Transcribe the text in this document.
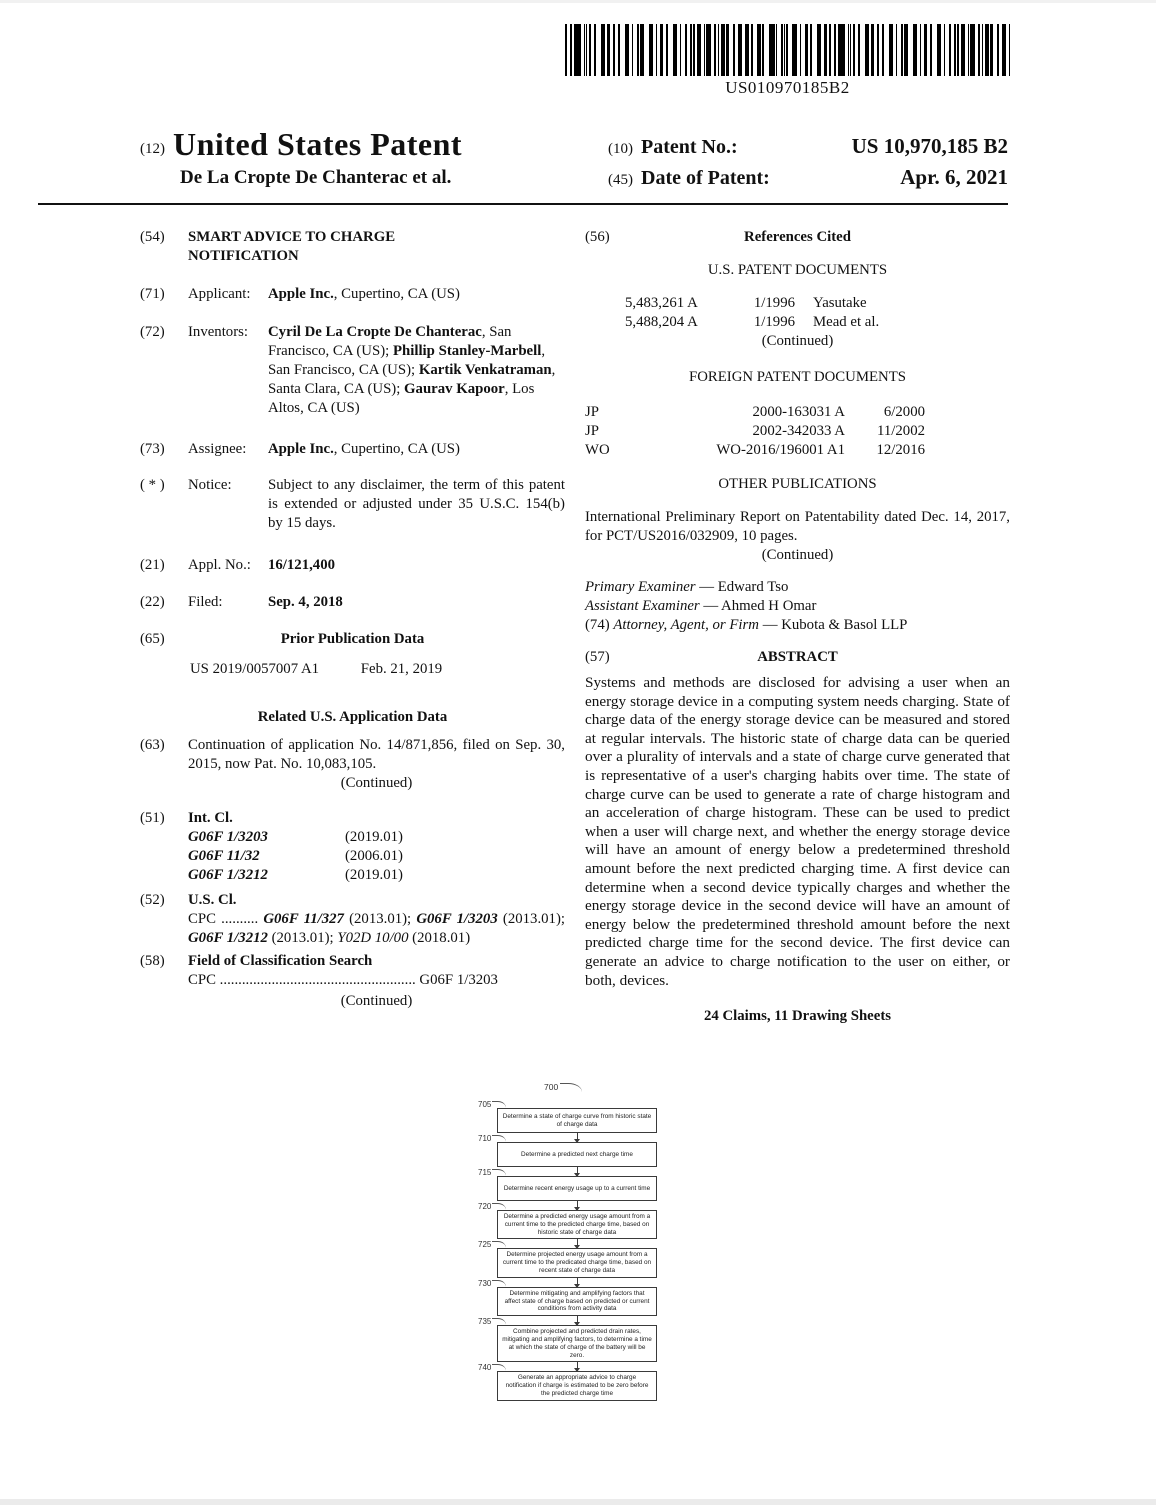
US010970185B2
(12) United States Patent
De La Cropte De Chanterac et al.
(10) Patent No.:	US 10,970,185 B2
(45) Date of Patent:	Apr. 6, 2021
(54)	SMART ADVICE TO CHARGE
NOTIFICATION
(71)	Applicant:	Apple Inc., Cupertino, CA (US)
(72)	Inventors:	Cyril De La Cropte De Chanterac, San Francisco, CA (US); Phillip Stanley-Marbell, San Francisco, CA (US); Kartik Venkatraman, Santa Clara, CA (US); Gaurav Kapoor, Los Altos, CA (US)
(73)	Assignee:	Apple Inc., Cupertino, CA (US)
( * )	Notice:	Subject to any disclaimer, the term of this patent is extended or adjusted under 35 U.S.C. 154(b) by 15 days.
(21)	Appl. No.:	16/121,400
(22)	Filed:	Sep. 4, 2018
(65)	Prior Publication Data
US 2019/0057007 A1	Feb. 21, 2019
Related U.S. Application Data
(63)	Continuation of application No. 14/871,856, filed on Sep. 30, 2015, now Pat. No. 10,083,105.
(Continued)
(51)	Int. Cl.
G06F 1/3203	(2019.01)
G06F 11/32	(2006.01)
G06F 1/3212	(2019.01)
(52)	U.S. Cl.
CPC .......... G06F 11/327 (2013.01); G06F 1/3203 (2013.01); G06F 1/3212 (2013.01); Y02D 10/00 (2018.01)
(58)	Field of Classification Search
CPC ..................................................... G06F 1/3203
(Continued)
(56)	References Cited
U.S. PATENT DOCUMENTS
5,483,261 A	1/1996 Yasutake
5,488,204 A	1/1996 Mead et al.
(Continued)
FOREIGN PATENT DOCUMENTS
JP	2000-163031 A	6/2000
JP	2002-342033 A	11/2002
WO	WO-2016/196001 A1	12/2016
OTHER PUBLICATIONS
International Preliminary Report on Patentability dated Dec. 14, 2017, for PCT/US2016/032909, 10 pages.
(Continued)
Primary Examiner — Edward Tso
Assistant Examiner — Ahmed H Omar
(74) Attorney, Agent, or Firm — Kubota & Basol LLP
(57)	ABSTRACT
Systems and methods are disclosed for advising a user when an energy storage device in a computing system needs charging. State of charge data of the energy storage device can be measured and stored at regular intervals. The historic state of charge data can be queried over a plurality of intervals and a state of charge curve generated that is representative of a user's charging habits over time. The state of charge curve can be used to generate a rate of charge histogram and an acceleration of charge histogram. These can be used to predict when a user will charge next, and whether the energy storage device will have an amount of energy below a predetermined threshold amount before the next predicted charging time. A first device can determine when a second device typically charges and whether the energy storage device in the second device will have an amount of energy below the predetermined threshold amount before the next predicted charge time for the second device. The first device can generate an advice to charge notification to the user on either, or both, devices.
24 Claims, 11 Drawing Sheets
700
705
Determine a state of charge curve from historic state of charge data
710
Determine a predicted next charge time
715
Determine recent energy usage up to a current time
720
Determine a predicted energy usage amount from a current time to the predicted charge time, based on historic state of charge data
725
Determine projected energy usage amount from a current time to the predicated charge time, based on recent state of charge data
730
Determine mitigating and amplifying factors that affect state of charge based on predicted or current conditions from activity data
735
Combine projected and predicted drain rates, mitigating and amplifying factors, to determine a time at which the state of charge of the battery will be zero.
740
Generate an appropriate advice to charge notification if charge is estimated to be zero before the predicted charge time
